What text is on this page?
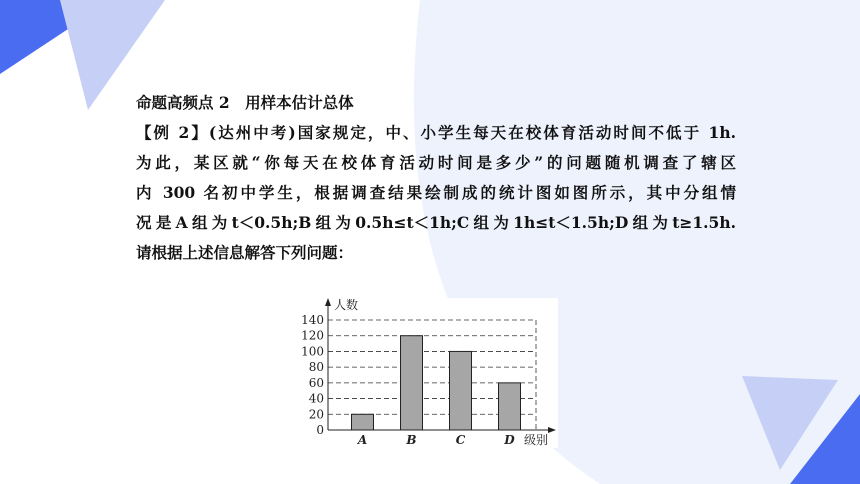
命题高频点 2　用样本估计总体
【例 2】(达州中考)国家规定，中、小学生每天在校体育活动时间不低于 1h.
为此，某区就“你每天在校体育活动时间是多少”的问题随机调查了辖区
内 300 名初中学生，根据调查结果绘制成的统计图如图所示，其中分组情
况是A组为t＜0.5h;B组为0.5h≤t＜1h;C组为1h≤t＜1.5h;D组为t≥1.5h.
请根据上述信息解答下列问题：
0
20
40
60
80
100
120
140
人数
级别
A	B	C	D
